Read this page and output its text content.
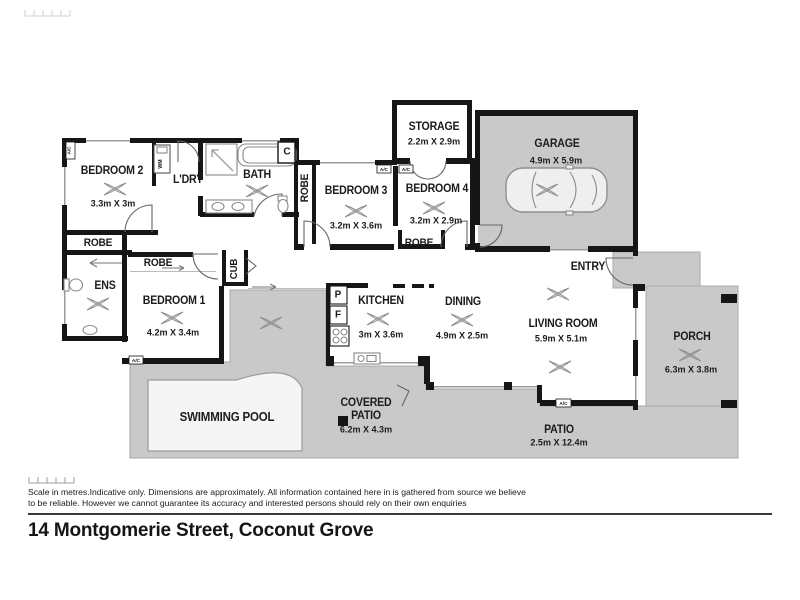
A/C
A/C	A/C
A/C
A/C
WM
BEDROOM 2
3.3m X 3m
L'DRY	BATH
BEDROOM 3
3.2m X 3.6m
BEDROOM 4
3.2m X 2.9m
STORAGE
2.2m X 2.9m	GARAGE
4.9m X 5.9m
ENTRY
ENS
BEDROOM 1
4.2m X 3.4m
KITCHEN
3m X 3.6m
DINING
4.9m X 2.5m
LIVING ROOM
5.9m X 5.1m	PORCH
6.3m X 3.8m
SWIMMING POOL
COVERED PATIO
6.2m X 4.3m	PATIO
2.5m X 12.4m
ROBE
ROBE
ROBE
ROBE
CUB
C
P
F
Scale in metres.Indicative only. Dimensions are approximately. All information contained here in is gathered from source we believe to be reliable. However we cannot guarantee its accuracy and interested persons should rely on their own enquiries
14 Montgomerie Street, Coconut Grove
